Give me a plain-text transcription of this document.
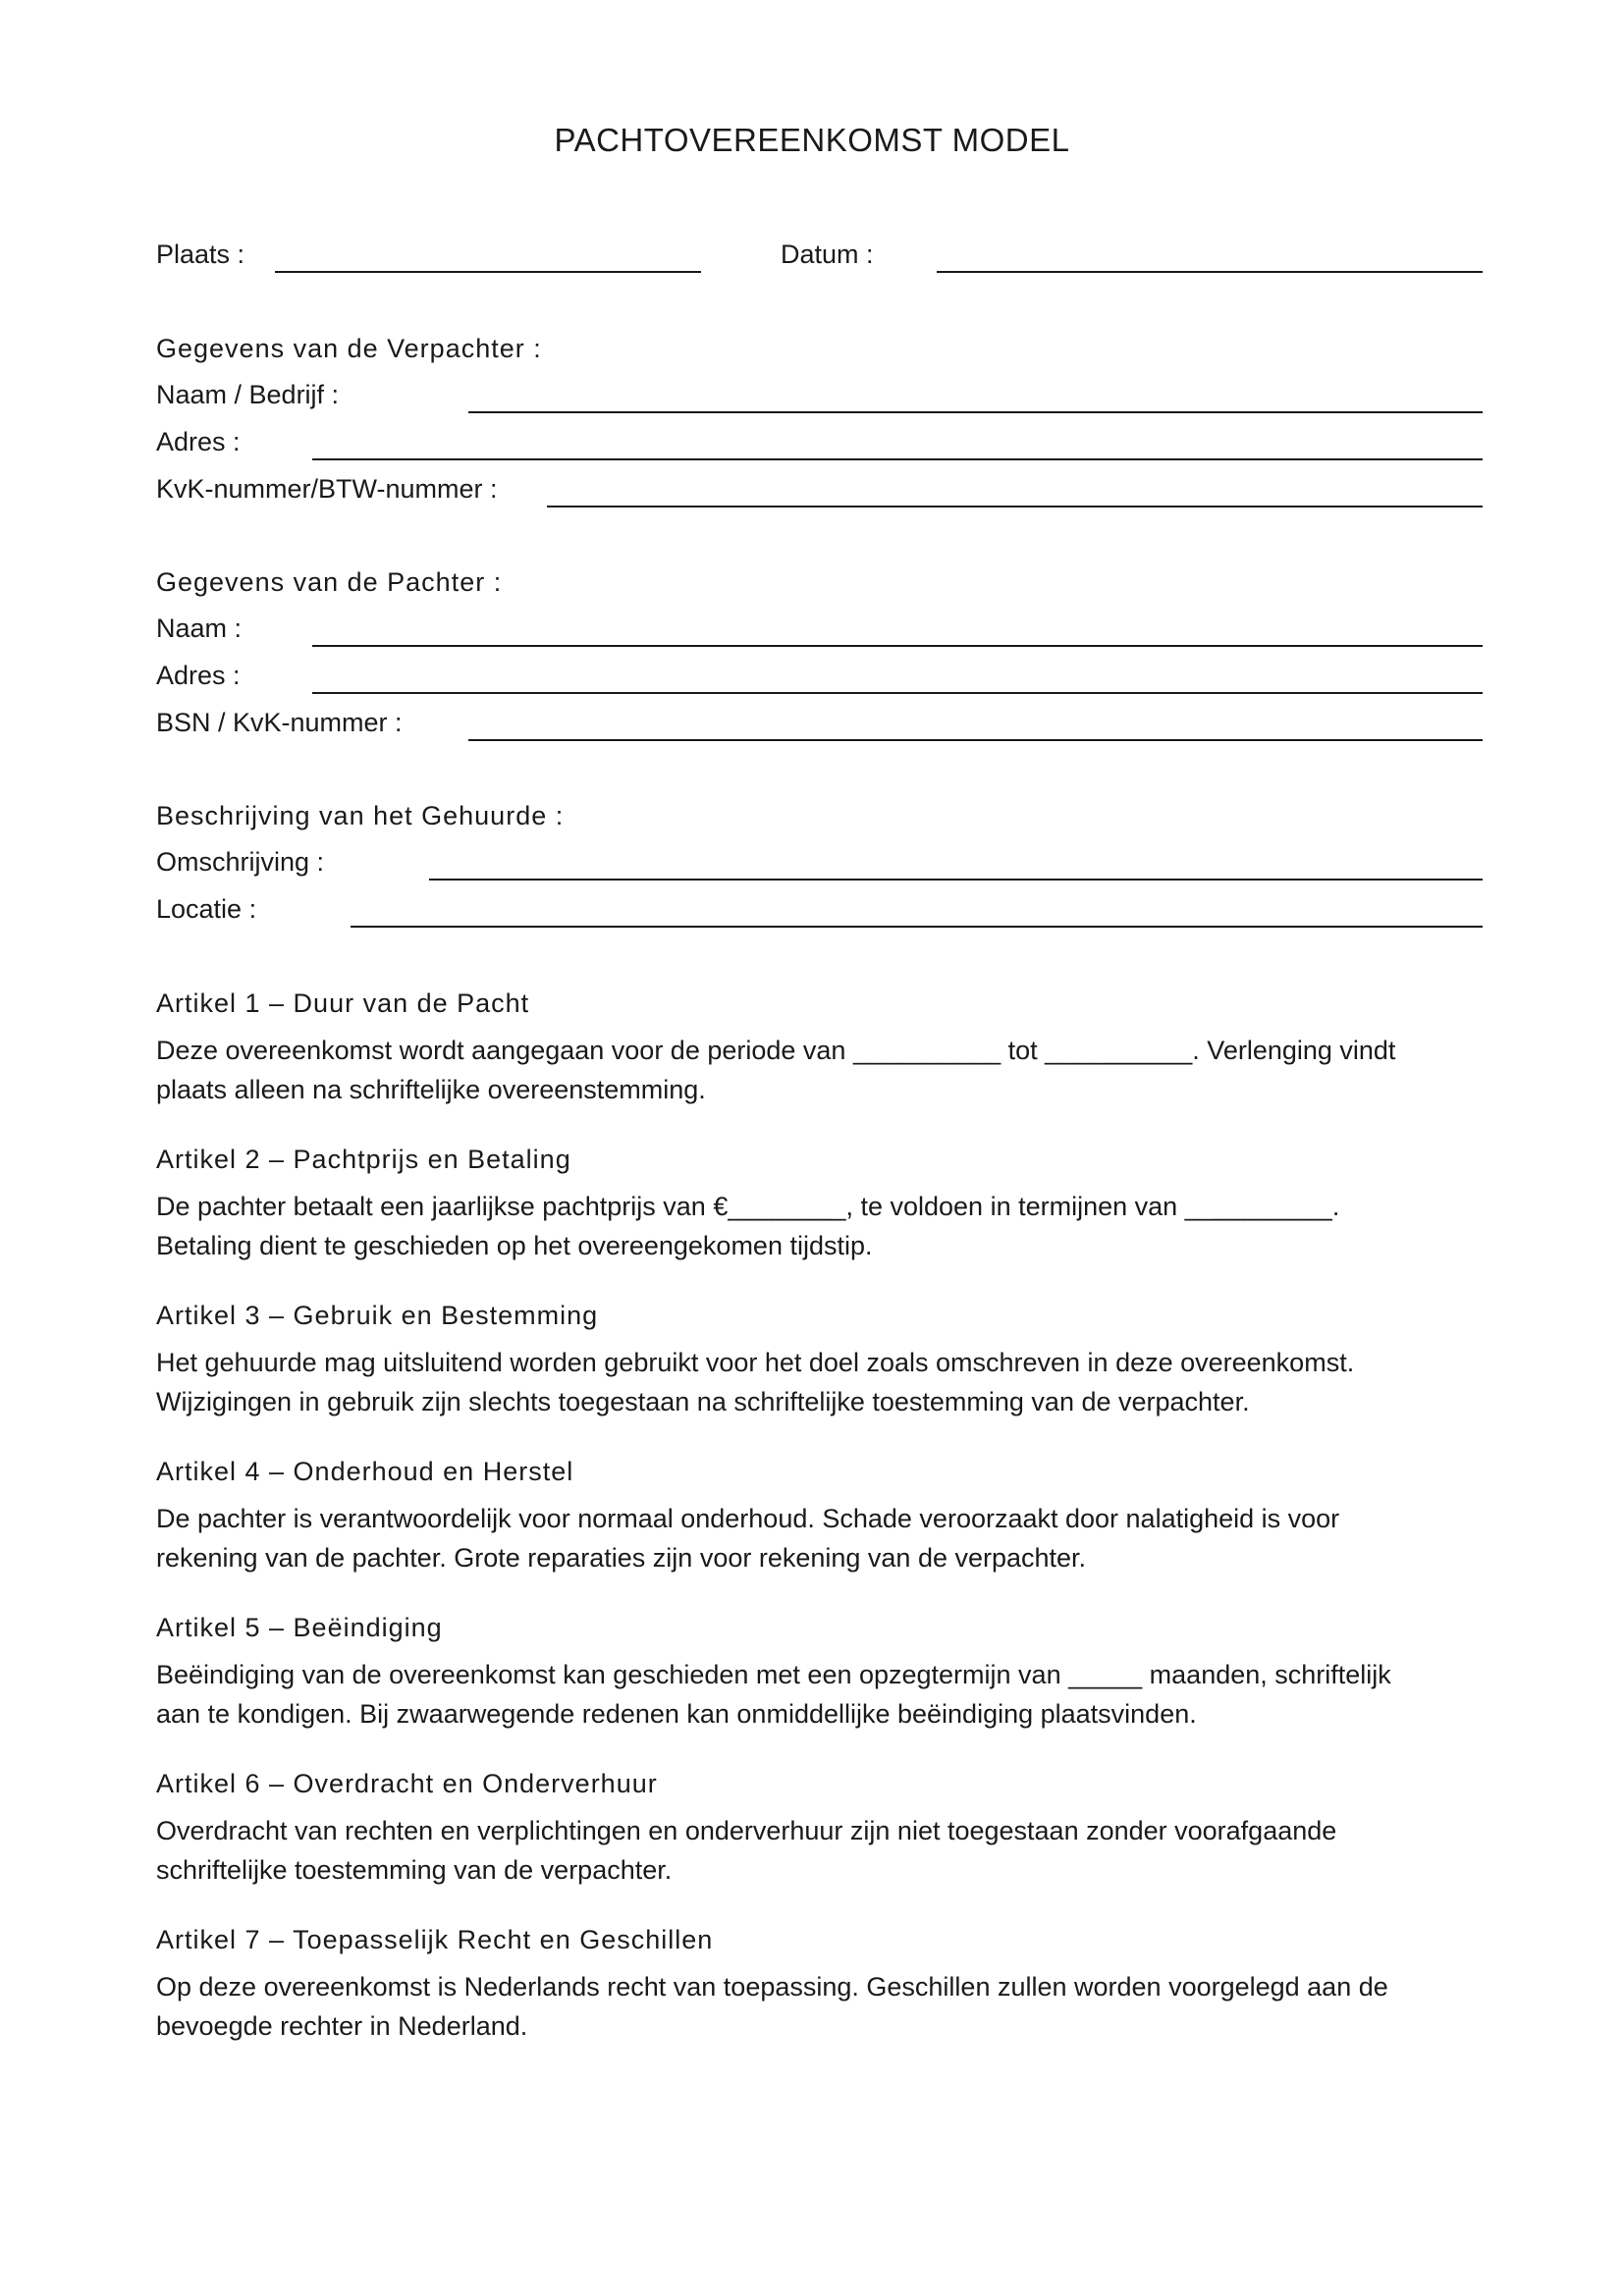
PACHTOVEREENKOMST MODEL
Plaats :	Datum :
Gegevens van de Verpachter :
Naam / Bedrijf :
Adres :
KvK-nummer/BTW-nummer :
Gegevens van de Pachter :
Naam :
Adres :
BSN / KvK-nummer :
Beschrijving van het Gehuurde :
Omschrijving :
Locatie :
Artikel 1 – Duur van de Pacht
Deze overeenkomst wordt aangegaan voor de periode van __________ tot __________. Verlenging vindt
plaats alleen na schriftelijke overeenstemming.
Artikel 2 – Pachtprijs en Betaling
De pachter betaalt een jaarlijkse pachtprijs van €________, te voldoen in termijnen van __________.
Betaling dient te geschieden op het overeengekomen tijdstip.
Artikel 3 – Gebruik en Bestemming
Het gehuurde mag uitsluitend worden gebruikt voor het doel zoals omschreven in deze overeenkomst.
Wijzigingen in gebruik zijn slechts toegestaan na schriftelijke toestemming van de verpachter.
Artikel 4 – Onderhoud en Herstel
De pachter is verantwoordelijk voor normaal onderhoud. Schade veroorzaakt door nalatigheid is voor
rekening van de pachter. Grote reparaties zijn voor rekening van de verpachter.
Artikel 5 – Beëindiging
Beëindiging van de overeenkomst kan geschieden met een opzegtermijn van _____ maanden, schriftelijk
aan te kondigen. Bij zwaarwegende redenen kan onmiddellijke beëindiging plaatsvinden.
Artikel 6 – Overdracht en Onderverhuur
Overdracht van rechten en verplichtingen en onderverhuur zijn niet toegestaan zonder voorafgaande
schriftelijke toestemming van de verpachter.
Artikel 7 – Toepasselijk Recht en Geschillen
Op deze overeenkomst is Nederlands recht van toepassing. Geschillen zullen worden voorgelegd aan de
bevoegde rechter in Nederland.
